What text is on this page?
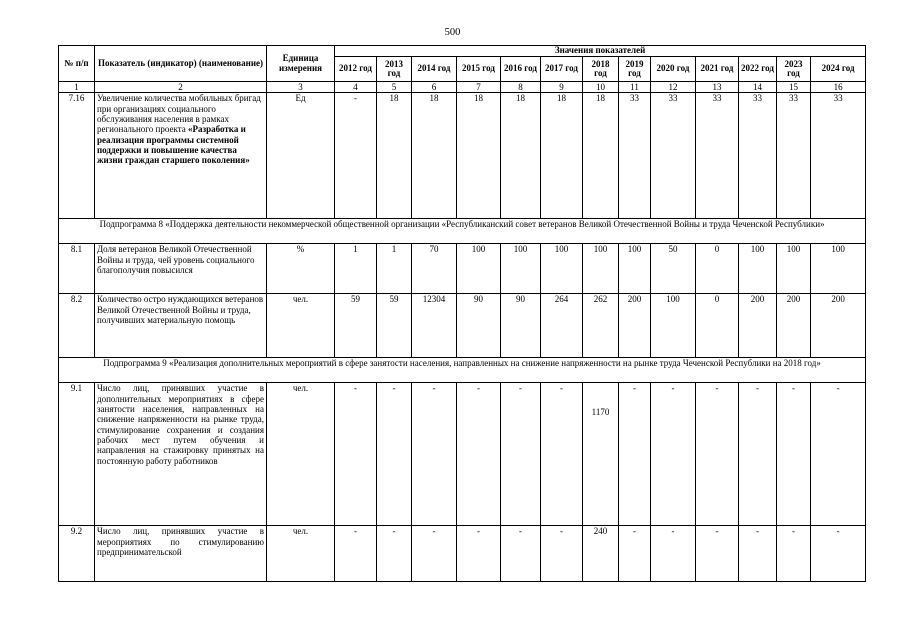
500
№ п/п	Показатель (индикатор) (наименование)	Единица измерения	Значения показателей												
			2012 год	2013 год	2014 год	2015 год	2016 год	2017 год	2018 год	2019 год	2020 год	2021 год	2022 год	2023 год	2024 год
1	2	3	4	5	6	7	8	9	10	11	12	13	14	15	16
7.16	Увеличение количества мобильных бригад при организациях социального обслуживания населения в рамках регионального проекта «Разработка и реализация программы системной поддержки и повышение качества жизни граждан старшего поколения»	Ед	-	18	18	18	18	18	18	33	33	33	33	33	33
Подпрограмма 8 «Поддержка деятельности некоммерческой общественной организации «Республиканский совет ветеранов Великой Отечественной Войны и труда Чеченской Республики»															
8.1	Доля ветеранов Великой Отечественной Войны и труда, чей уровень социального благополучия повысился	%	1	1	70	100	100	100	100	100	50	0	100	100	100
8.2	Количество остро нуждающихся ветеранов Великой Отечественной Войны и труда, получивших материальную помощь	чел.	59	59	12304	90	90	264	262	200	100	0	200	200	200
Подпрограмма 9 «Реализация дополнительных мероприятий в сфере занятости населения, направленных на снижение напряженности на рынке труда Чеченской Республики на 2018 год»															
9.1	Число лиц, принявших участие в дополнительных мероприятиях в сфере занятости населения, направленных на снижение напряженности на рынке труда, стимулирование сохранения и создания рабочих мест путем обучения и направления на стажировку принятых на постоянную работу работников	чел.	-	-	-	-	-	-	1170	-	-	-	-	-	-
9.2	Число лиц, принявших участие в мероприятиях по стимулированию предпринимательской	чел.	-	-	-	-	-	-	240	-	-	-	-	-	-
